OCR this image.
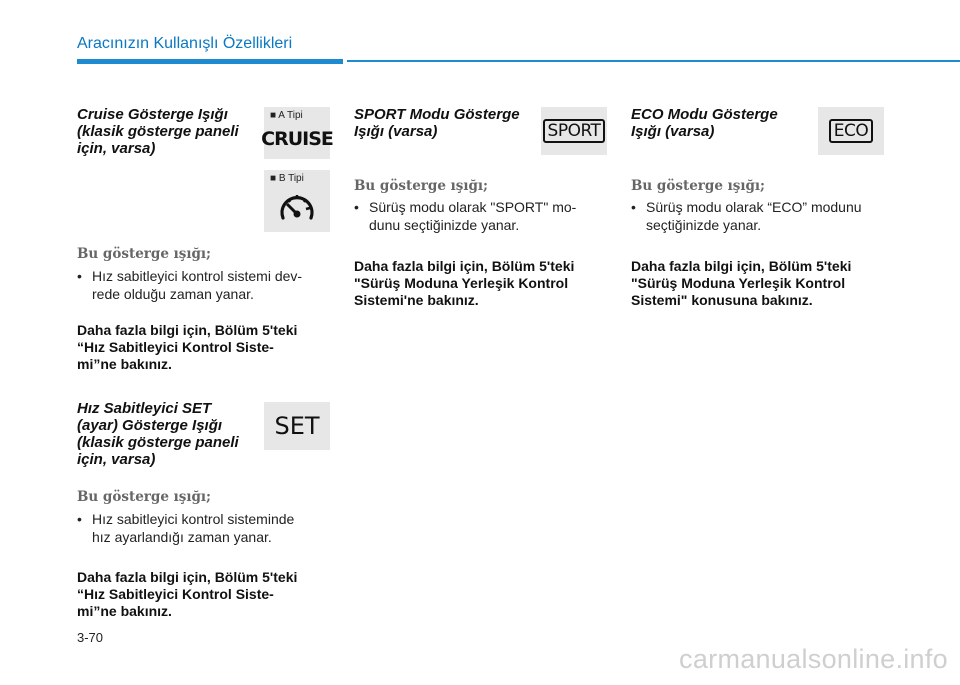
Aracınızın Kullanışlı Özellikleri
Cruise Gösterge Işığı
(klasik gösterge paneli
için, varsa)
■ A Tipi
CRUISE
■ B Tipi
Bu gösterge ışığı;
• Hız sabitleyici kontrol sistemi dev-
rede olduğu zaman yanar.
Daha fazla bilgi için, Bölüm 5'teki
“Hız Sabitleyici Kontrol Siste-
mi”ne bakınız.
Hız Sabitleyici SET
(ayar) Gösterge Işığı
(klasik gösterge paneli
için, varsa)
SET
Bu gösterge ışığı;
• Hız sabitleyici kontrol sisteminde
hız ayarlandığı zaman yanar.
Daha fazla bilgi için, Bölüm 5'teki
“Hız Sabitleyici Kontrol Siste-
mi”ne bakınız.
SPORT Modu Gösterge
Işığı (varsa)	SPORT
Bu gösterge ışığı;
• Sürüş modu olarak "SPORT" mo-
dunu seçtiğinizde yanar.
Daha fazla bilgi için, Bölüm 5'teki
"Sürüş Moduna Yerleşik Kontrol
Sistemi'ne bakınız.
ECO Modu Gösterge
Işığı (varsa)	ECO
Bu gösterge ışığı;
• Sürüş modu olarak “ECO” modunu
seçtiğinizde yanar.
Daha fazla bilgi için, Bölüm 5'teki
"Sürüş Moduna Yerleşik Kontrol
Sistemi" konusuna bakınız.
3-70
carmanualsonline.info
